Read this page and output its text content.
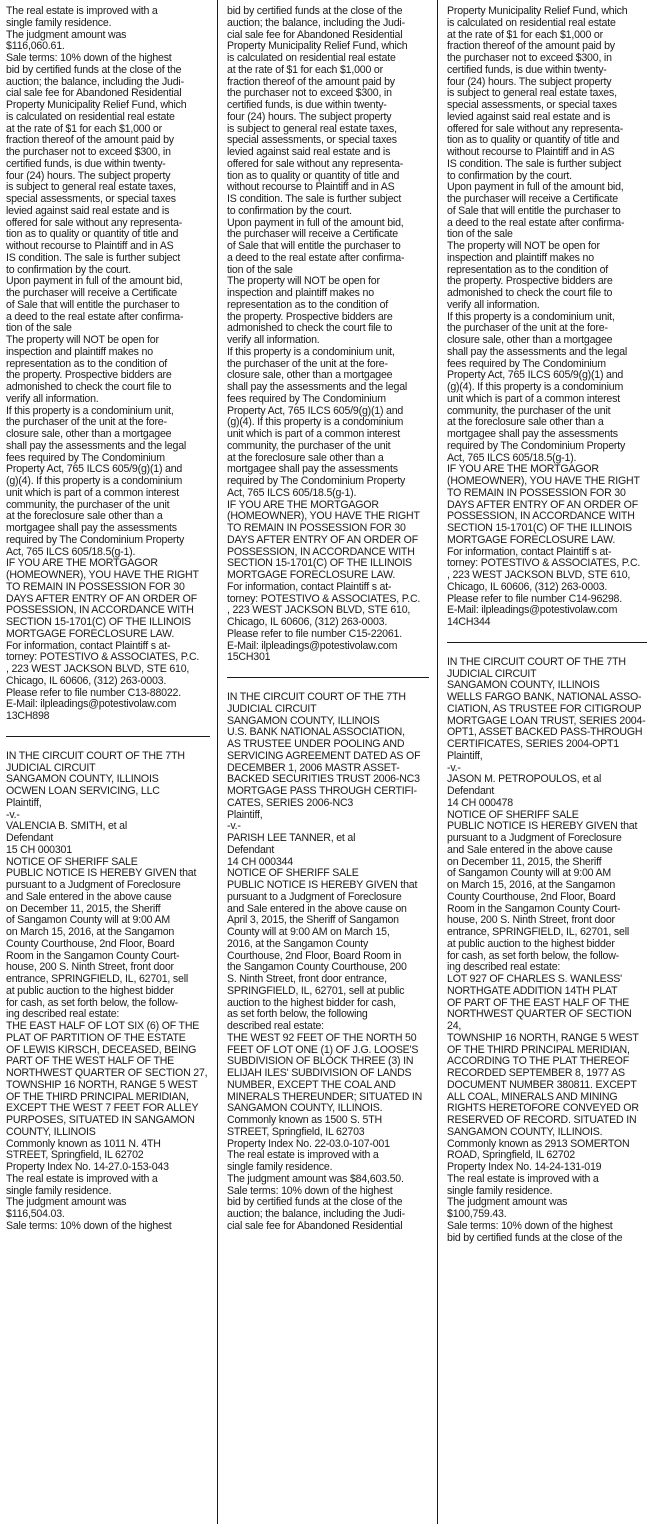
The real estate is improved with a

single family residence.

The judgment amount was

$116,060.61.

Sale terms: 10% down of the highest

bid by certified funds at the close of the

auction; the balance, including the Judi-

cial sale fee for Abandoned Residential

Property Municipality Relief Fund, which

is calculated on residential real estate

at the rate of $1 for each $1,000 or

fraction thereof of the amount paid by

the purchaser not to exceed $300, in

certified funds, is due within twenty-

four (24) hours. The subject property

is subject to general real estate taxes,

special assessments, or special taxes

levied against said real estate and is

offered for sale without any representa-

tion as to quality or quantity of title and

without recourse to Plaintiff and in AS

IS condition. The sale is further subject

to confirmation by the court.

Upon payment in full of the amount bid,

the purchaser will receive a Certificate

of Sale that will entitle the purchaser to

a deed to the real estate after confirma-

tion of the sale

The property will NOT be open for

inspection and plaintiff makes no

representation as to the condition of

the property. Prospective bidders are

admonished to check the court file to

verify all information.

If this property is a condominium unit,

the purchaser of the unit at the fore-

closure sale, other than a mortgagee

shall pay the assessments and the legal

fees required by The Condominium

Property Act, 765 ILCS 605/9(g)(1) and

(g)(4). If this property is a condominium

unit which is part of a common interest

community, the purchaser of the unit

at the foreclosure sale other than a

mortgagee shall pay the assessments

required by The Condominium Property

Act, 765 ILCS 605/18.5(g-1).

IF YOU ARE THE MORTGAGOR

(HOMEOWNER), YOU HAVE THE RIGHT

TO REMAIN IN POSSESSION FOR 30

DAYS AFTER ENTRY OF AN ORDER OF

POSSESSION, IN ACCORDANCE WITH

SECTION 15-1701(C) OF THE ILLINOIS

MORTGAGE FORECLOSURE LAW.

For information, contact Plaintiff s at-

torney: POTESTIVO & ASSOCIATES, P.C.

, 223 WEST JACKSON BLVD, STE 610,

Chicago, IL 60606, (312) 263-0003.

Please refer to file number C13-88022.

E-Mail: ilpleadings@potestivolaw.com

13CH898

IN THE CIRCUIT COURT OF THE 7TH

JUDICIAL CIRCUIT

SANGAMON COUNTY, ILLINOIS

OCWEN LOAN SERVICING, LLC

Plaintiff,

-v.-

VALENCIA B. SMITH, et al

Defendant

15 CH 000301

NOTICE OF SHERIFF SALE

PUBLIC NOTICE IS HEREBY GIVEN that

pursuant to a Judgment of Foreclosure

and Sale entered in the above cause

on December 11, 2015, the Sheriff

of Sangamon County will at 9:00 AM

on March 15, 2016, at the Sangamon

County Courthouse, 2nd Floor, Board

Room in the Sangamon County Court-

house, 200 S. Ninth Street, front door

entrance, SPRINGFIELD, IL, 62701, sell

at public auction to the highest bidder

for cash, as set forth below, the follow-

ing described real estate:

THE EAST HALF OF LOT SIX (6) OF THE

PLAT OF PARTITION OF THE ESTATE

OF LEWIS KIRSCH, DECEASED, BEING

PART OF THE WEST HALF OF THE

NORTHWEST QUARTER OF SECTION 27,

TOWNSHIP 16 NORTH, RANGE 5 WEST

OF THE THIRD PRINCIPAL MERIDIAN,

EXCEPT THE WEST 7 FEET FOR ALLEY

PURPOSES, SITUATED IN SANGAMON

COUNTY, ILLINOIS

Commonly known as 1011 N. 4TH

STREET, Springfield, IL 62702

Property Index No. 14-27.0-153-043

The real estate is improved with a

single family residence.

The judgment amount was

$116,504.03.

Sale terms: 10% down of the highest

bid by certified funds at the close of the

auction; the balance, including the Judi-

cial sale fee for Abandoned Residential

Property Municipality Relief Fund, which

is calculated on residential real estate

at the rate of $1 for each $1,000 or

fraction thereof of the amount paid by

the purchaser not to exceed $300, in

certified funds, is due within twenty-

four (24) hours. The subject property

is subject to general real estate taxes,

special assessments, or special taxes

levied against said real estate and is

offered for sale without any representa-

tion as to quality or quantity of title and

without recourse to Plaintiff and in AS

IS condition. The sale is further subject

to confirmation by the court.

Upon payment in full of the amount bid,

the purchaser will receive a Certificate

of Sale that will entitle the purchaser to

a deed to the real estate after confirma-

tion of the sale

The property will NOT be open for

inspection and plaintiff makes no

representation as to the condition of

the property. Prospective bidders are

admonished to check the court file to

verify all information.

If this property is a condominium unit,

the purchaser of the unit at the fore-

closure sale, other than a mortgagee

shall pay the assessments and the legal

fees required by The Condominium

Property Act, 765 ILCS 605/9(g)(1) and

(g)(4). If this property is a condominium

unit which is part of a common interest

community, the purchaser of the unit

at the foreclosure sale other than a

mortgagee shall pay the assessments

required by The Condominium Property

Act, 765 ILCS 605/18.5(g-1).

IF YOU ARE THE MORTGAGOR

(HOMEOWNER), YOU HAVE THE RIGHT

TO REMAIN IN POSSESSION FOR 30

DAYS AFTER ENTRY OF AN ORDER OF

POSSESSION, IN ACCORDANCE WITH

SECTION 15-1701(C) OF THE ILLINOIS

MORTGAGE FORECLOSURE LAW.

For information, contact Plaintiff s at-

torney: POTESTIVO & ASSOCIATES, P.C.

, 223 WEST JACKSON BLVD, STE 610,

Chicago, IL 60606, (312) 263-0003.

Please refer to file number C15-22061.

E-Mail: ilpleadings@potestivolaw.com

15CH301

IN THE CIRCUIT COURT OF THE 7TH

JUDICIAL CIRCUIT

SANGAMON COUNTY, ILLINOIS

U.S. BANK NATIONAL ASSOCIATION,

AS TRUSTEE UNDER POOLING AND

SERVICING AGREEMENT DATED AS OF

DECEMBER 1, 2006 MASTR ASSET-

BACKED SECURITIES TRUST 2006-NC3

MORTGAGE PASS THROUGH CERTIFI-

CATES, SERIES 2006-NC3

Plaintiff,

-v.-

PARISH LEE TANNER, et al

Defendant

14 CH 000344

NOTICE OF SHERIFF SALE

PUBLIC NOTICE IS HEREBY GIVEN that

pursuant to a Judgment of Foreclosure

and Sale entered in the above cause on

April 3, 2015, the Sheriff of Sangamon

County will at 9:00 AM on March 15,

2016, at the Sangamon County

Courthouse, 2nd Floor, Board Room in

the Sangamon County Courthouse, 200

S. Ninth Street, front door entrance,

SPRINGFIELD, IL, 62701, sell at public

auction to the highest bidder for cash,

as set forth below, the following

described real estate:

THE WEST 92 FEET OF THE NORTH 50

FEET OF LOT ONE (1) OF J.G. LOOSE'S

SUBDIVISION OF BLOCK THREE (3) IN

ELIJAH ILES' SUBDIVISION OF LANDS

NUMBER, EXCEPT THE COAL AND

MINERALS THEREUNDER; SITUATED IN

SANGAMON COUNTY, ILLINOIS.

Commonly known as 1500 S. 5TH

STREET, Springfield, IL 62703

Property Index No. 22-03.0-107-001

The real estate is improved with a

single family residence.

The judgment amount was $84,603.50.

Sale terms: 10% down of the highest

bid by certified funds at the close of the

auction; the balance, including the Judi-

cial sale fee for Abandoned Residential

Property Municipality Relief Fund, which

is calculated on residential real estate

at the rate of $1 for each $1,000 or

fraction thereof of the amount paid by

the purchaser not to exceed $300, in

certified funds, is due within twenty-

four (24) hours. The subject property

is subject to general real estate taxes,

special assessments, or special taxes

levied against said real estate and is

offered for sale without any representa-

tion as to quality or quantity of title and

without recourse to Plaintiff and in AS

IS condition. The sale is further subject

to confirmation by the court.

Upon payment in full of the amount bid,

the purchaser will receive a Certificate

of Sale that will entitle the purchaser to

a deed to the real estate after confirma-

tion of the sale

The property will NOT be open for

inspection and plaintiff makes no

representation as to the condition of

the property. Prospective bidders are

admonished to check the court file to

verify all information.

If this property is a condominium unit,

the purchaser of the unit at the fore-

closure sale, other than a mortgagee

shall pay the assessments and the legal

fees required by The Condominium

Property Act, 765 ILCS 605/9(g)(1) and

(g)(4). If this property is a condominium

unit which is part of a common interest

community, the purchaser of the unit

at the foreclosure sale other than a

mortgagee shall pay the assessments

required by The Condominium Property

Act, 765 ILCS 605/18.5(g-1).

IF YOU ARE THE MORTGAGOR

(HOMEOWNER), YOU HAVE THE RIGHT

TO REMAIN IN POSSESSION FOR 30

DAYS AFTER ENTRY OF AN ORDER OF

POSSESSION, IN ACCORDANCE WITH

SECTION 15-1701(C) OF THE ILLINOIS

MORTGAGE FORECLOSURE LAW.

For information, contact Plaintiff s at-

torney: POTESTIVO & ASSOCIATES, P.C.

, 223 WEST JACKSON BLVD, STE 610,

Chicago, IL 60606, (312) 263-0003.

Please refer to file number C14-96298.

E-Mail: ilpleadings@potestivolaw.com

14CH344

IN THE CIRCUIT COURT OF THE 7TH

JUDICIAL CIRCUIT

SANGAMON COUNTY, ILLINOIS

WELLS FARGO BANK, NATIONAL ASSO-

CIATION, AS TRUSTEE FOR CITIGROUP

MORTGAGE LOAN TRUST, SERIES 2004-

OPT1, ASSET BACKED PASS-THROUGH

CERTIFICATES, SERIES 2004-OPT1

Plaintiff,

-v.-

JASON M. PETROPOULOS, et al

Defendant

14 CH 000478

NOTICE OF SHERIFF SALE

PUBLIC NOTICE IS HEREBY GIVEN that

pursuant to a Judgment of Foreclosure

and Sale entered in the above cause

on December 11, 2015, the Sheriff

of Sangamon County will at 9:00 AM

on March 15, 2016, at the Sangamon

County Courthouse, 2nd Floor, Board

Room in the Sangamon County Court-

house, 200 S. Ninth Street, front door

entrance, SPRINGFIELD, IL, 62701, sell

at public auction to the highest bidder

for cash, as set forth below, the follow-

ing described real estate:

LOT 927 OF CHARLES S. WANLESS'

NORTHGATE ADDITION 14TH PLAT

OF PART OF THE EAST HALF OF THE

NORTHWEST QUARTER OF SECTION 24,

TOWNSHIP 16 NORTH, RANGE 5 WEST

OF THE THIRD PRINCIPAL MERIDIAN,

ACCORDING TO THE PLAT THEREOF

RECORDED SEPTEMBER 8, 1977 AS

DOCUMENT NUMBER 380811. EXCEPT

ALL COAL, MINERALS AND MINING

RIGHTS HERETOFORE CONVEYED OR

RESERVED OF RECORD. SITUATED IN

SANGAMON COUNTY, ILLINOIS.

Commonly known as 2913 SOMERTON

ROAD, Springfield, IL 62702

Property Index No. 14-24-131-019

The real estate is improved with a

single family residence.

The judgment amount was

$100,759.43.

Sale terms: 10% down of the highest

bid by certified funds at the close of the
